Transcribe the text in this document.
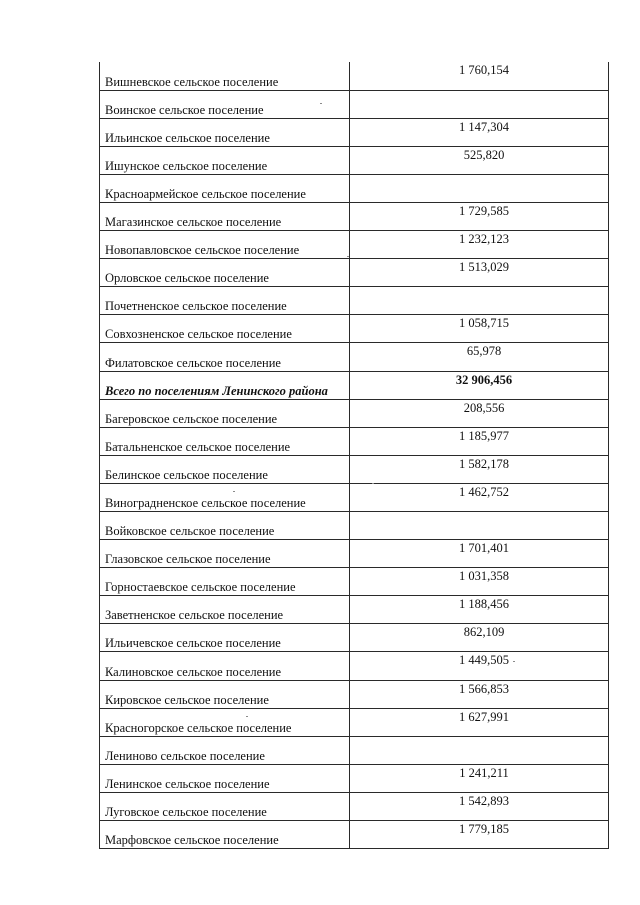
Вишневское сельское поселение	1 760,154
Воинское сельское поселение	
Ильинское сельское поселение	1 147,304
Ишунское сельское поселение	525,820
Красноармейское сельское поселение	
Магазинское сельское поселение	1 729,585
Новопавловское сельское поселение	1 232,123
Орловское сельское поселение	1 513,029
Почетненское сельское поселение	
Совхозненское сельское поселение	1 058,715
Филатовское сельское поселение	65,978
Всего по поселениям Ленинского района	32 906,456
Багеровское сельское поселение	208,556
Батальненское сельское поселение	1 185,977
Белинское сельское поселение	1 582,178
Виноградненское сельское поселение	1 462,752
Войковское сельское поселение	
Глазовское сельское поселение	1 701,401
Горностаевское сельское поселение	1 031,358
Заветненское сельское поселение	1 188,456
Ильичевское сельское поселение	862,109
Калиновское сельское поселение	1 449,505
Кировское сельское поселение	1 566,853
Красногорское сельское поселение	1 627,991
Лениново сельское поселение	
Ленинское сельское поселение	1 241,211
Луговское сельское поселение	1 542,893
Марфовское сельское поселение	1 779,185
